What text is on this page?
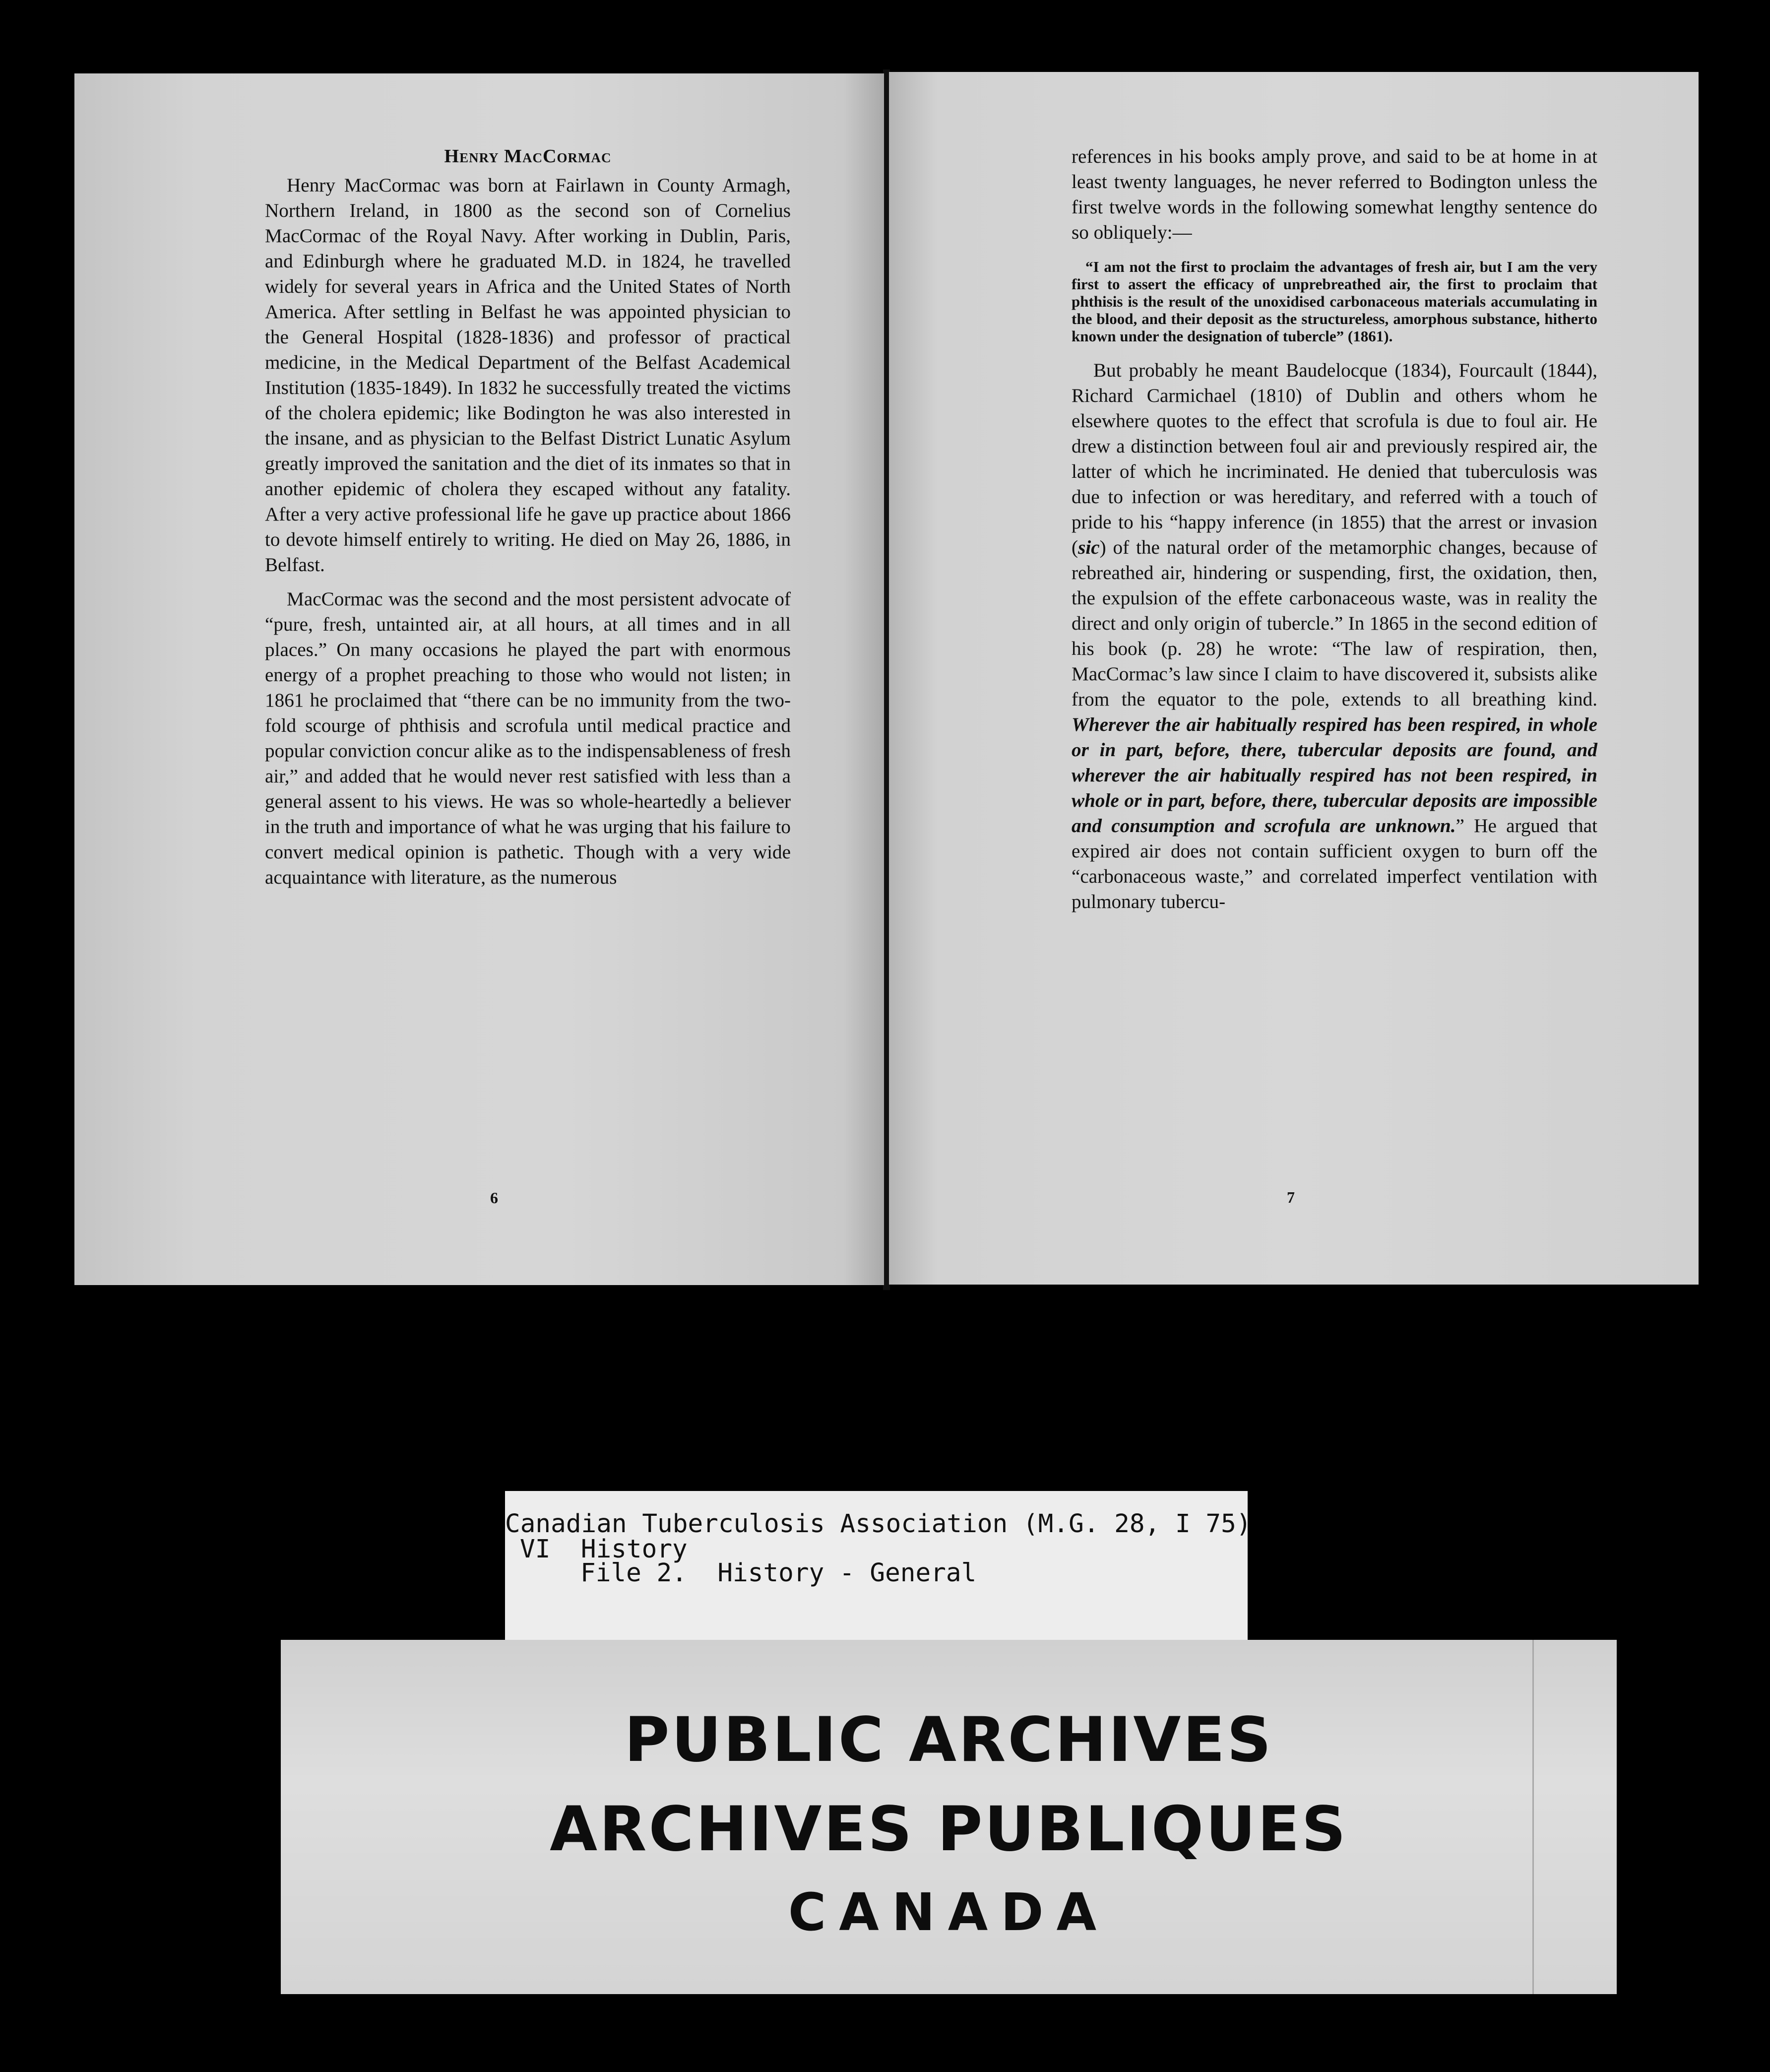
Henry MacCormac

Henry MacCormac was born at Fairlawn in County Armagh, Northern Ireland, in 1800 as the second son of Cornelius MacCormac of the Royal Navy. After working in Dublin, Paris, and Edinburgh where he graduated M.D. in 1824, he travelled widely for several years in Africa and the United States of North America. After settling in Belfast he was appointed physician to the General Hospital (1828-1836) and professor of practical medicine, in the Medical Department of the Belfast Academical Institution (1835-1849). In 1832 he successfully treated the victims of the cholera epidemic; like Bodington he was also interested in the insane, and as physician to the Belfast District Lunatic Asylum greatly improved the sanitation and the diet of its inmates so that in another epidemic of cholera they escaped without any fatality. After a very active professional life he gave up practice about 1866 to devote himself entirely to writing. He died on May 26, 1886, in Belfast.

MacCormac was the second and the most persistent advocate of “pure, fresh, untainted air, at all hours, at all times and in all places.” On many occasions he played the part with enormous energy of a prophet preaching to those who would not listen; in 1861 he proclaimed that “there can be no immunity from the two-fold scourge of phthisis and scrofula until medical practice and popular conviction concur alike as to the indispensableness of fresh air,” and added that he would never rest satisfied with less than a general assent to his views. He was so whole-heartedly a believer in the truth and importance of what he was urging that his failure to convert medical opinion is pathetic. Though with a very wide acquaintance with literature, as the numerous

6

references in his books amply prove, and said to be at home in at least twenty languages, he never referred to Bodington unless the first twelve words in the following somewhat lengthy sentence do so obliquely:—

“I am not the first to proclaim the advantages of fresh air, but I am the very first to assert the efficacy of unprebreathed air, the first to proclaim that phthisis is the result of the unoxidised carbonaceous materials accumulating in the blood, and their deposit as the structureless, amorphous substance, hitherto known under the designation of tubercle” (1861).

But probably he meant Baudelocque (1834), Fourcault (1844), Richard Carmichael (1810) of Dublin and others whom he elsewhere quotes to the effect that scrofula is due to foul air. He drew a distinction between foul air and previously respired air, the latter of which he incriminated. He denied that tuberculosis was due to infection or was hereditary, and referred with a touch of pride to his “happy inference (in 1855) that the arrest or invasion (sic) of the natural order of the metamorphic changes, because of rebreathed air, hindering or suspending, first, the oxidation, then, the expulsion of the effete carbonaceous waste, was in reality the direct and only origin of tubercle.” In 1865 in the second edition of his book (p. 28) he wrote: “The law of respiration, then, MacCormac’s law since I claim to have discovered it, subsists alike from the equator to the pole, extends to all breathing kind. Wherever the air habitually respired has been respired, in whole or in part, before, there, tubercular deposits are found, and wherever the air habitually respired has not been respired, in whole or in part, before, there, tubercular deposits are impossible and consumption and scrofula are unknown.” He argued that expired air does not contain sufficient oxygen to burn off the “carbonaceous waste,” and correlated imperfect ventilation with pulmonary tubercu-

7
Canadian Tuberculosis Association (M.G. 28, I 75)
VI  History
File 2.  History - General
PUBLIC ARCHIVES
ARCHIVES PUBLIQUES
CANADA
